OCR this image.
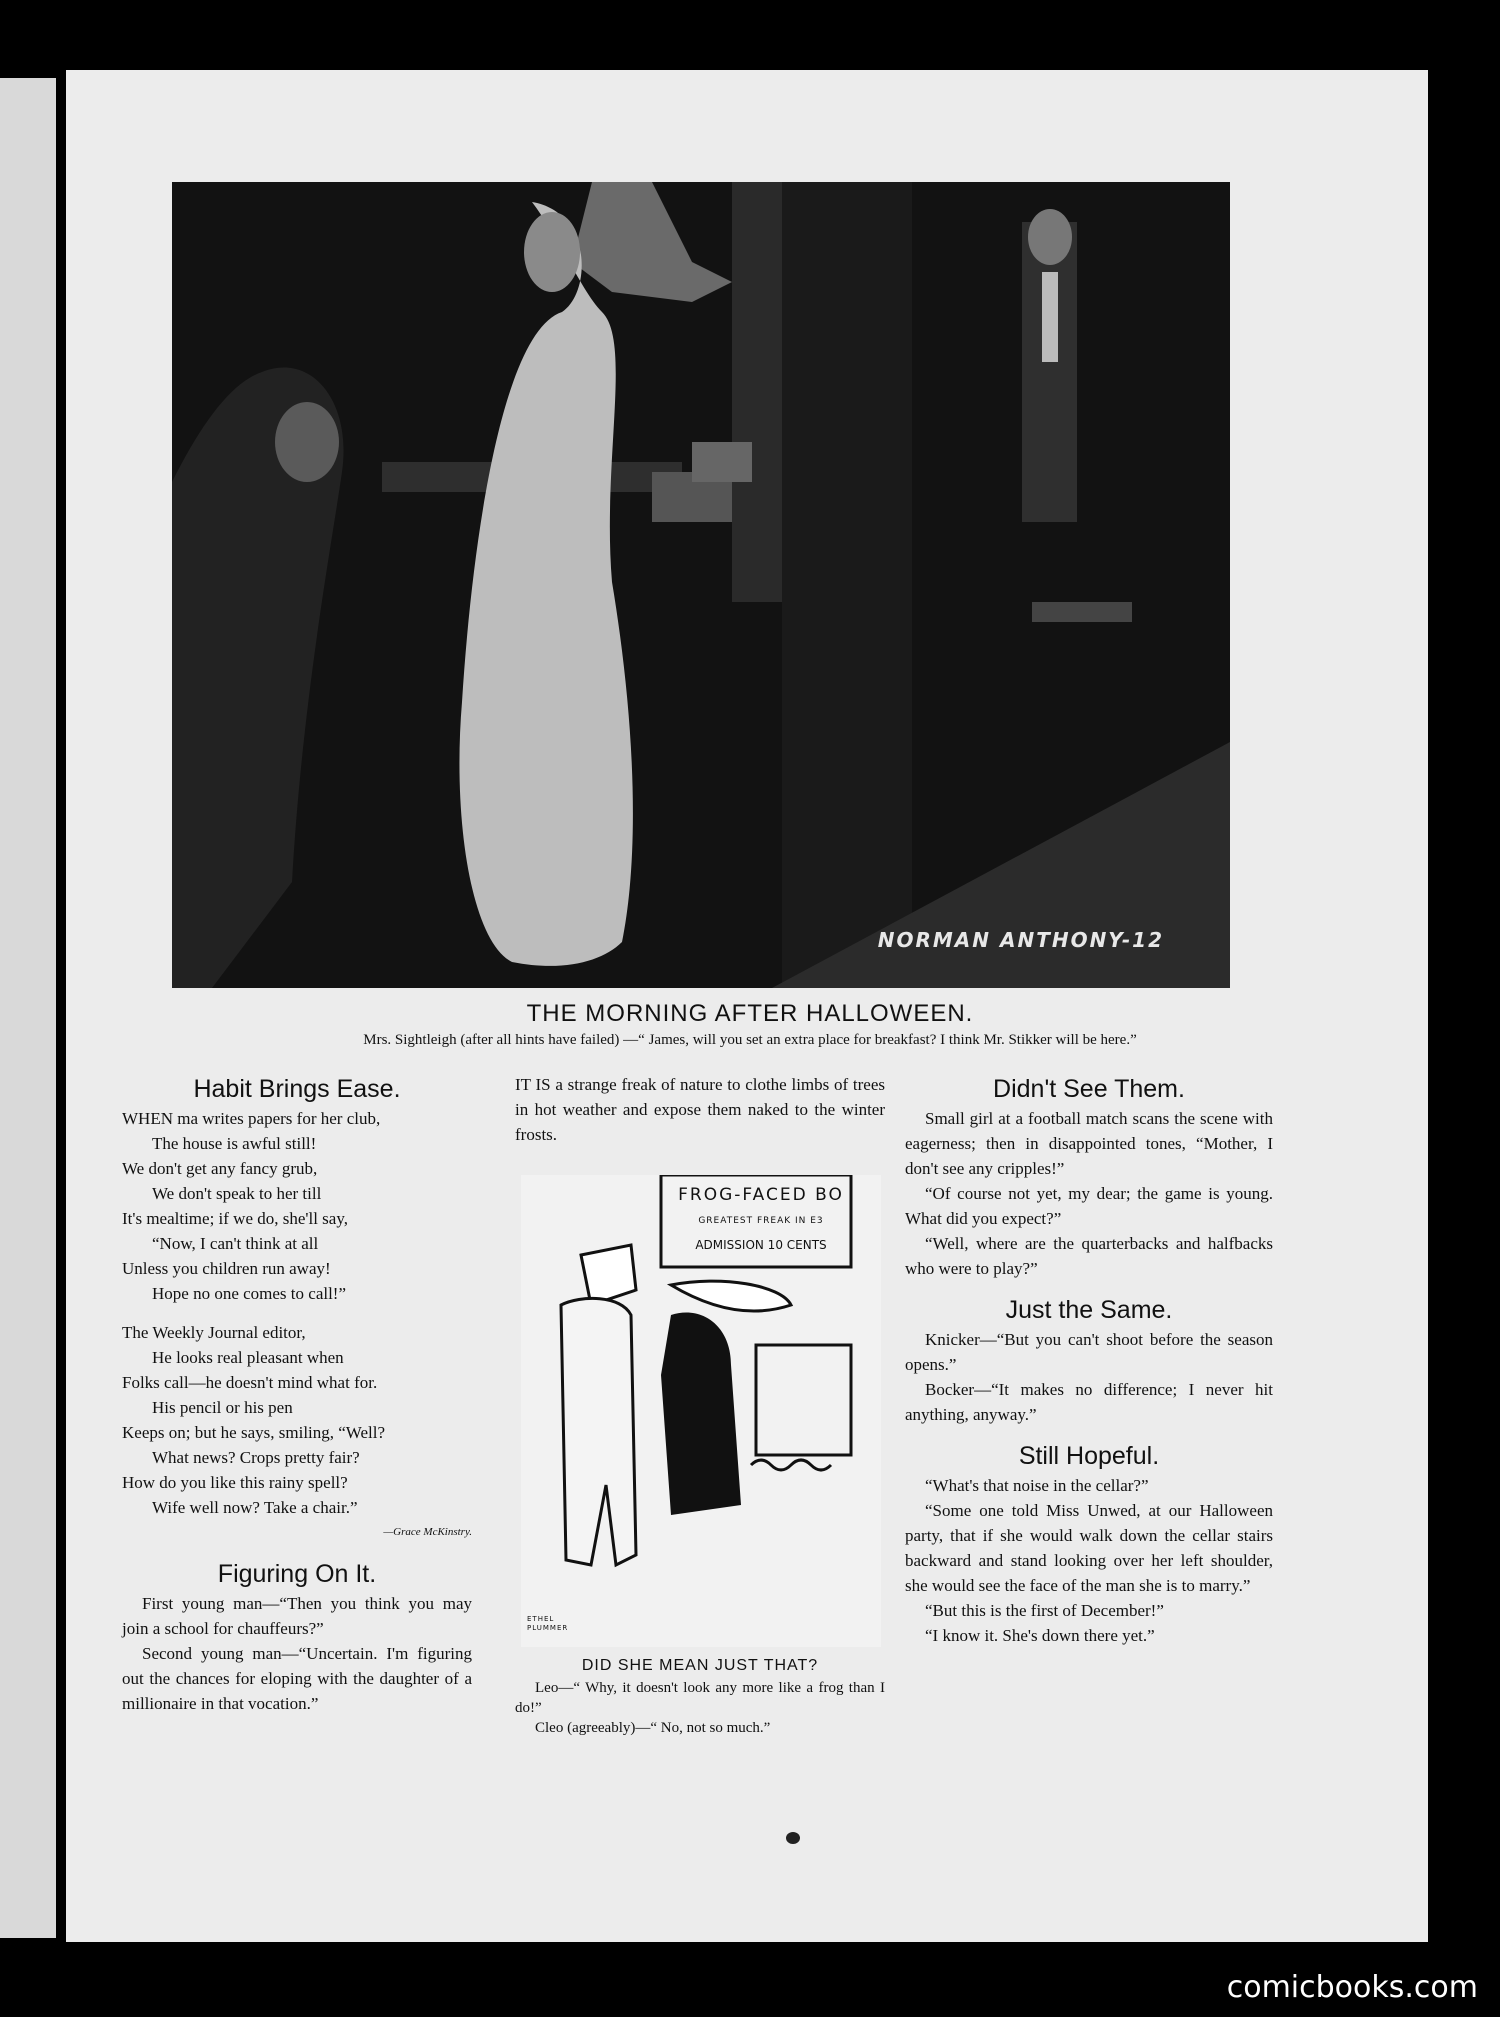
NORMAN ANTHONY-12
THE MORNING AFTER HALLOWEEN.
Mrs. Sightleigh (after all hints have failed) —“ James, will you set an extra place for breakfast? I think Mr. Stikker will be here.”
Habit Brings Ease.

WHEN ma writes papers for her club,

The house is awful still!

We don't get any fancy grub,

We don't speak to her till

It's mealtime; if we do, she'll say,

“Now, I can't think at all

Unless you children run away!

Hope no one comes to call!”

The Weekly Journal editor,

He looks real pleasant when

Folks call—he doesn't mind what for.

His pencil or his pen

Keeps on; but he says, smiling, “Well?

What news? Crops pretty fair?

How do you like this rainy spell?

Wife well now? Take a chair.”

—Grace McKinstry.

Figuring On It.

First young man—“Then you think you may join a school for chauffeurs?”

Second young man—“Uncertain. I'm figuring out the chances for eloping with the daughter of a millionaire in that vocation.”

IT IS a strange freak of nature to clothe limbs of trees in hot weather and expose them naked to the winter frosts.

FROG-FACED BO
GREATEST FREAK IN E3
ADMISSION 10 CENTS
ETHEL PLUMMER
DID SHE MEAN JUST THAT?

Leo—“ Why, it doesn't look any more like a frog than I do!”

Cleo (agreeably)—“ No, not so much.”

Didn't See Them.

Small girl at a football match scans the scene with eagerness; then in disappointed tones, “Mother, I don't see any cripples!”

“Of course not yet, my dear; the game is young. What did you expect?”

“Well, where are the quarterbacks and halfbacks who were to play?”

Just the Same.

Knicker—“But you can't shoot before the season opens.”

Bocker—“It makes no difference; I never hit anything, anyway.”

Still Hopeful.

“What's that noise in the cellar?”

“Some one told Miss Unwed, at our Halloween party, that if she would walk down the cellar stairs backward and stand looking over her left shoulder, she would see the face of the man she is to marry.”

“But this is the first of December!”

“I know it. She's down there yet.”

comicbooks.com
